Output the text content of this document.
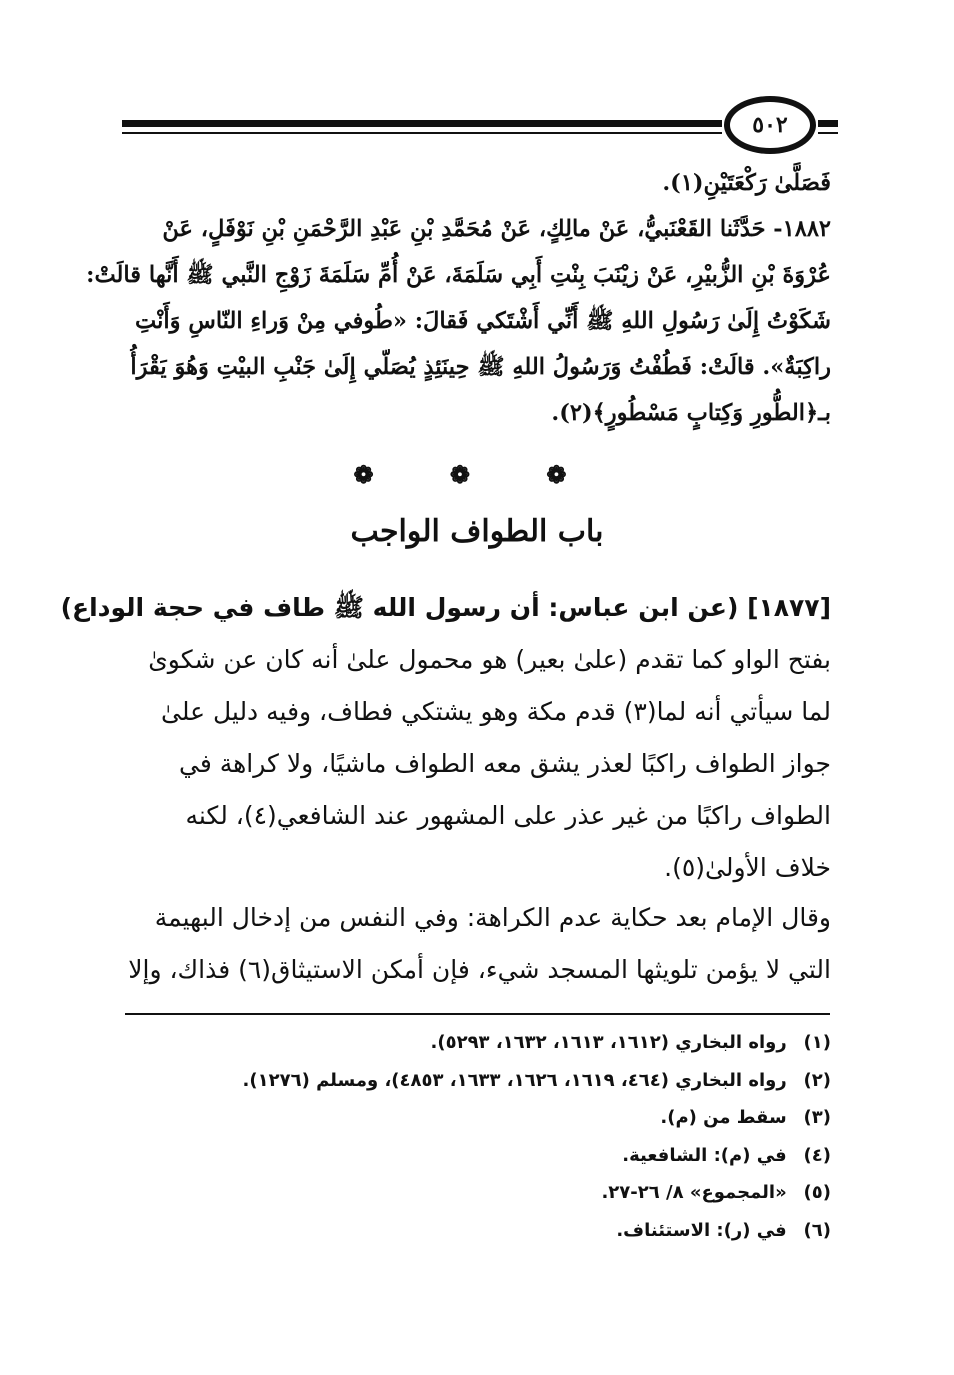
٥٠٢
فَصَلَّىٰ رَكْعَتَيْنِ(١).
١٨٨٢- حَدَّثَنا القَعْنَبيُّ، عَنْ مالِكٍ، عَنْ مُحَمَّدِ بْنِ عَبْدِ الرَّحْمَنِ بْنِ نَوْفَلٍ، عَنْ
عُرْوَةَ بْنِ الزُّبيْرِ، عَنْ زيْنَبَ بِنْتِ أَبِي سَلَمَةَ، عَنْ أُمِّ سَلَمَةَ زَوْجِ النَّبي ﷺ أَنَّها قالَتْ:
شَكَوْتُ إِلَىٰ رَسُولِ اللهِ ﷺ أَنِّي أَشْتَكي فَقالَ: «طُوفي مِنْ وَراءِ النّاسِ وَأَنْتِ
راكِبَةٌ». قالَتْ: فَطُفْتُ وَرَسُولُ اللهِ ﷺ حِينَئِذٍ يُصَلّي إِلَىٰ جَنْبِ البيْتِ وَهُوَ يَقْرَأُ
بـ﴿الطُّورِ وَكِتابٍ مَسْطُورٍ﴾(٢).
❁ ❁ ❁
باب الطواف الواجب
[١٨٧٧] (عن ابن عباس: أن رسول الله ﷺ طاف في حجة الوداع)
بفتح الواو كما تقدم (علىٰ بعير) هو محمول علىٰ أنه كان عن شكوىٰ
لما سيأتي أنه لما(٣) قدم مكة وهو يشتكي فطاف، وفيه دليل علىٰ
جواز الطواف راكبًا لعذر يشق معه الطواف ماشيًا، ولا كراهة في
الطواف راكبًا من غير عذر على المشهور عند الشافعي(٤)، لكنه
خلاف الأولىٰ(٥).
وقال الإمام بعد حكاية عدم الكراهة: وفي النفس من إدخال البهيمة
التي لا يؤمن تلويثها المسجد شيء، فإن أمكن الاستيثاق(٦) فذاك، وإلا
(١) رواه البخاري (١٦١٢، ١٦١٣، ١٦٣٢، ٥٢٩٣).
(٢) رواه البخاري (٤٦٤، ١٦١٩، ١٦٢٦، ١٦٣٣، ٤٨٥٣)، ومسلم (١٢٧٦).
(٣) سقط من (م).
(٤) في (م): الشافعية.
(٥) «المجموع» ٨/ ٢٦-٢٧.
(٦) في (ر): الاستئناف.
